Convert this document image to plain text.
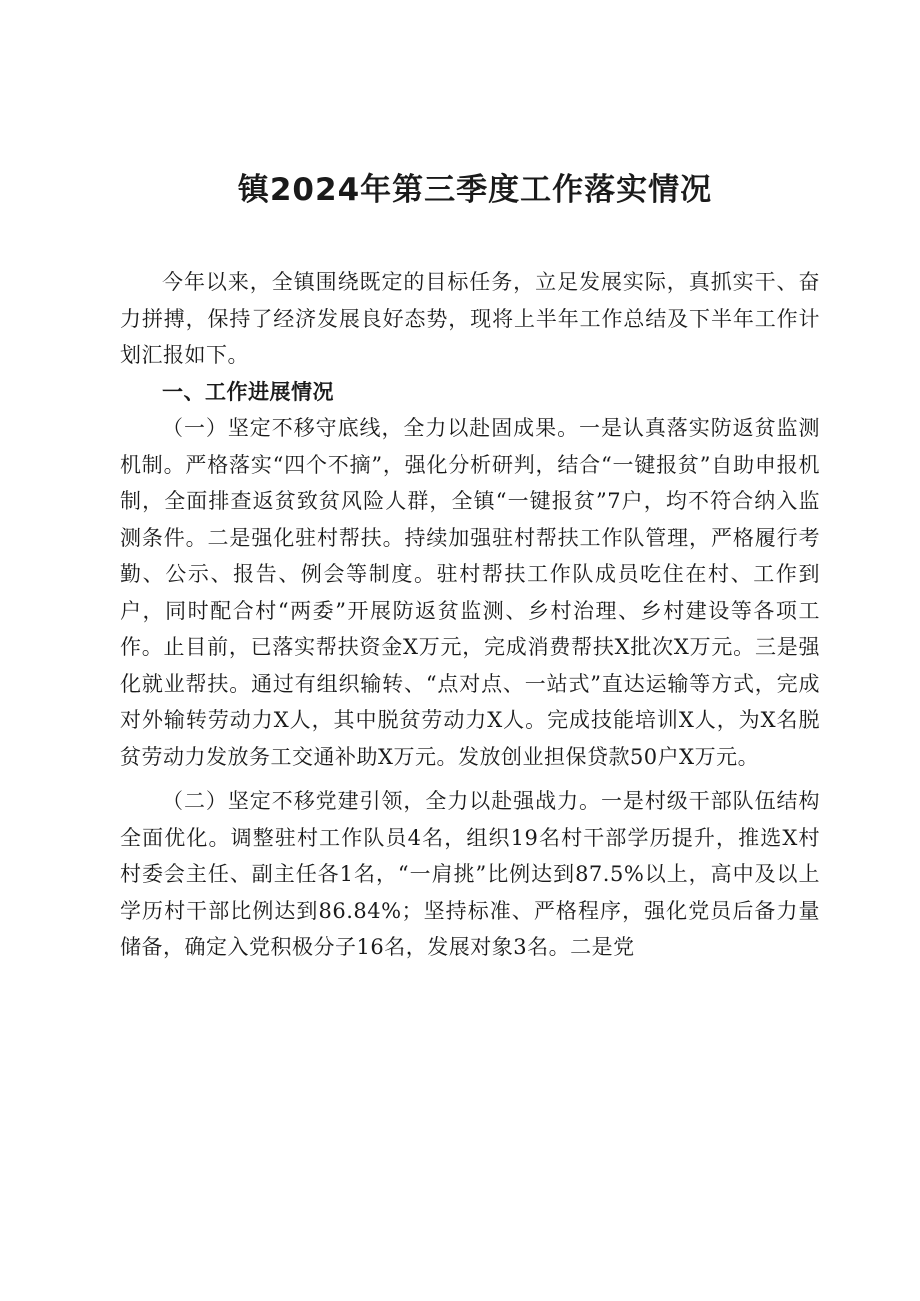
镇2024年第三季度工作落实情况

今年以来，全镇围绕既定的目标任务，立足发展实际，真抓实干、奋力拼搏，保持了经济发展良好态势，现将上半年工作总结及下半年工作计划汇报如下。

一、工作进展情况

（一）坚定不移守底线，全力以赴固成果。一是认真落实防返贫监测机制。严格落实“四个不摘”，强化分析研判，结合“一键报贫”自助申报机制，全面排查返贫致贫风险人群，全镇“一键报贫”7户，均不符合纳入监测条件。二是强化驻村帮扶。持续加强驻村帮扶工作队管理，严格履行考勤、公示、报告、例会等制度。驻村帮扶工作队成员吃住在村、工作到户，同时配合村“两委”开展防返贫监测、乡村治理、乡村建设等各项工作。止目前，已落实帮扶资金X万元，完成消费帮扶X批次X万元。三是强化就业帮扶。通过有组织输转、“点对点、一站式”直达运输等方式，完成对外输转劳动力X人，其中脱贫劳动力X人。完成技能培训X人，为X名脱贫劳动力发放务工交通补助X万元。发放创业担保贷款50户X万元。

（二）坚定不移党建引领，全力以赴强战力。一是村级干部队伍结构全面优化。调整驻村工作队员4名，组织19名村干部学历提升，推选X村村委会主任、副主任各1名，“一肩挑”比例达到87.5%以上，高中及以上学历村干部比例达到86.84%；坚持标准、严格程序，强化党员后备力量储备，确定入党积极分子16名，发展对象3名。二是党
